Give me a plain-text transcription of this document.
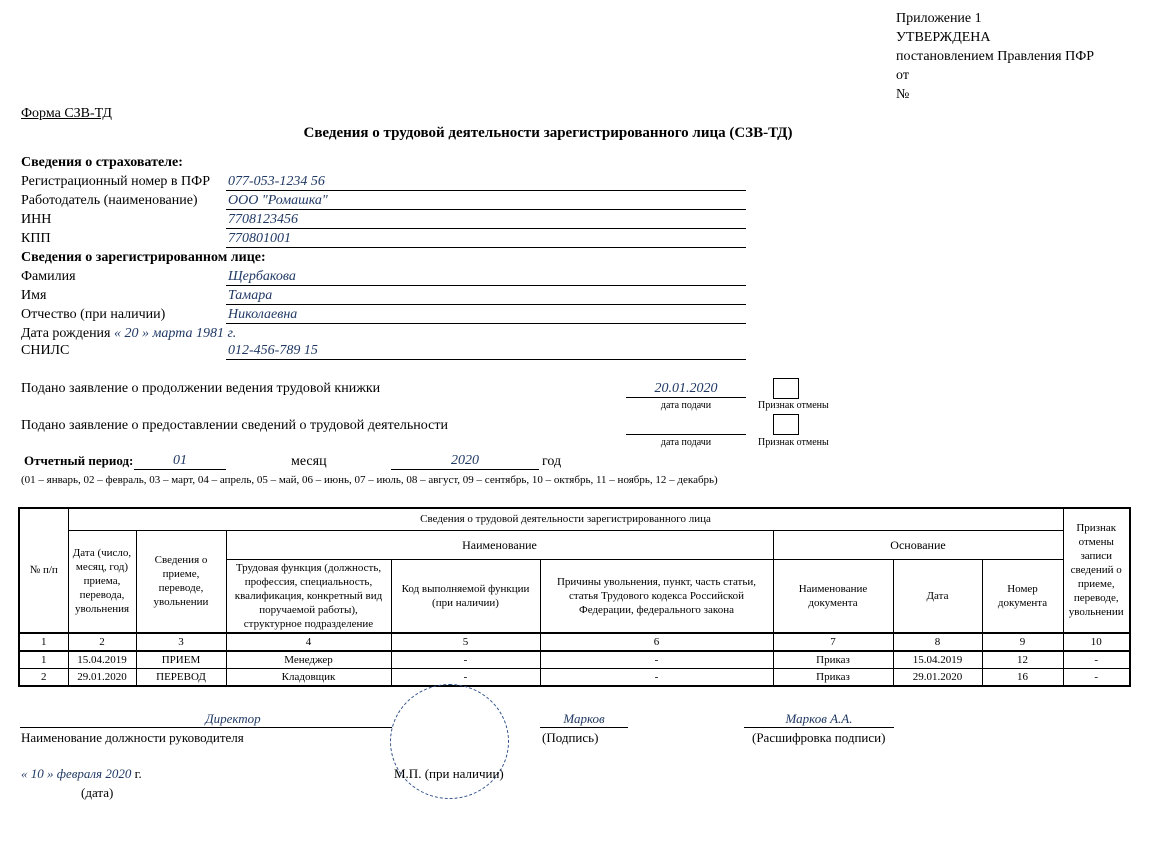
Приложение 1
УТВЕРЖДЕНА
постановлением Правления ПФР
от
№
Форма СЗВ-ТД
Сведения о трудовой деятельности зарегистрированного лица (СЗВ-ТД)
Сведения о страхователе:
Регистрационный номер в ПФР 077-053-1234 56
Работодатель (наименование) ООО "Ромашка"
ИНН	7708123456
КПП	770801001
Сведения о зарегистрированном лице:
Фамилия	Щербакова
Имя	Тамара
Отчество (при наличии)	Николаевна
Дата рождения « 20 » марта 1981 г.
СНИЛС	012-456-789 15
Подано заявление о продолжении ведения трудовой книжки	20.01.2020
дата подачи	Признак отмены
Подано заявление о предоставлении сведений о трудовой деятельности
дата подачи	Признак отмены
Отчетный период:	01	месяц	2020	год
(01 – январь, 02 – февраль, 03 – март, 04 – апрель, 05 – май, 06 – июнь, 07 – июль, 08 – август, 09 – сентябрь, 10 – октябрь, 11 – ноябрь, 12 – декабрь)
№ п/п	Сведения о трудовой деятельности зарегистрированного лица								Признак отмены записи сведений о приеме, переводе, увольнении
	Дата (число, месяц, год) приема, перевода, увольнения	Сведения о приеме, переводе, увольнении	Наименование			Основание			
			Трудовая функция (должность, профессия, специальность, квалификация, конкретный вид поручаемой работы), структурное подразделение	Код выполняемой функции (при наличии)	Причины увольнения, пункт, часть статьи, статья Трудового кодекса Российской Федерации, федерального закона	Наименование документа	Дата	Номер документа	
1	2	3	4	5	6	7	8	9	10
1	15.04.2019	ПРИЕМ	Менеджер	-	-	Приказ	15.04.2019	12	-
2	29.01.2020	ПЕРЕВОД	Кладовщик	-	-	Приказ	29.01.2020	16	-
Директор
Наименование должности руководителя
Марков
(Подпись)
Марков А.А.
(Расшифровка подписи)
М.П. (при наличии)
« 10 » февраля 2020 г.
(дата)
